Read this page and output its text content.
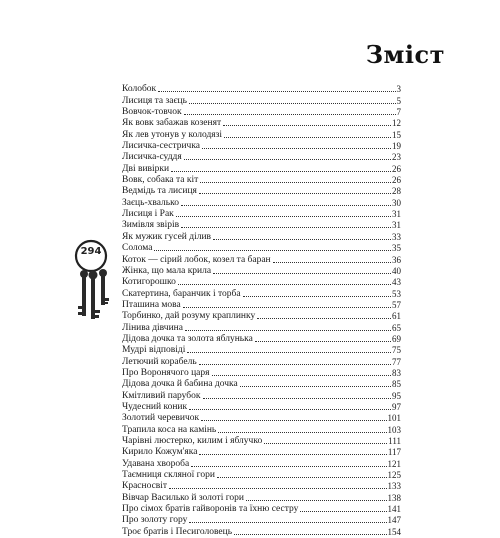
Зміст
294
Колобок	3
Лисиця та заєць	5
Вовчок-товчок	7
Як вовк забажав козенят	12
Як лев утонув у колодязі	15
Лисичка-сестричка	19
Лисичка-суддя	23
Дві вивірки	26
Вовк, собака та кіт	26
Ведмідь та лисиця	28
Заєць-хвалько	30
Лисиця і Рак	31
Зимівля звірів	31
Як мужик гусей ділив	33
Солома	35
Коток — сірий лобок, козел та баран	36
Жінка, що мала крила	40
Котигорошко	43
Скатертина, баранчик і торба	53
Пташина мова	57
Торбинко, дай розуму краплинку	61
Лінива дівчина	65
Дідова дочка та золота яблунька	69
Мудрі відповіді	75
Летючий корабель	77
Про Воронячого царя	83
Дідова дочка й бабина дочка	85
Кмітливий парубок	95
Чудесний коник	97
Золотий черевичок	101
Трапила коса на камінь	103
Чарівні люстерко, килим і яблучко	111
Кирило Кожум'яка	117
Удавана хвороба	121
Таємниця скляної гори	125
Красносвіт	133
Вівчар Василько й золоті гори	138
Про сімох братів гайворонів та їхню сестру	141
Про золоту гору	147
Троє братів і Песиголовець	154
